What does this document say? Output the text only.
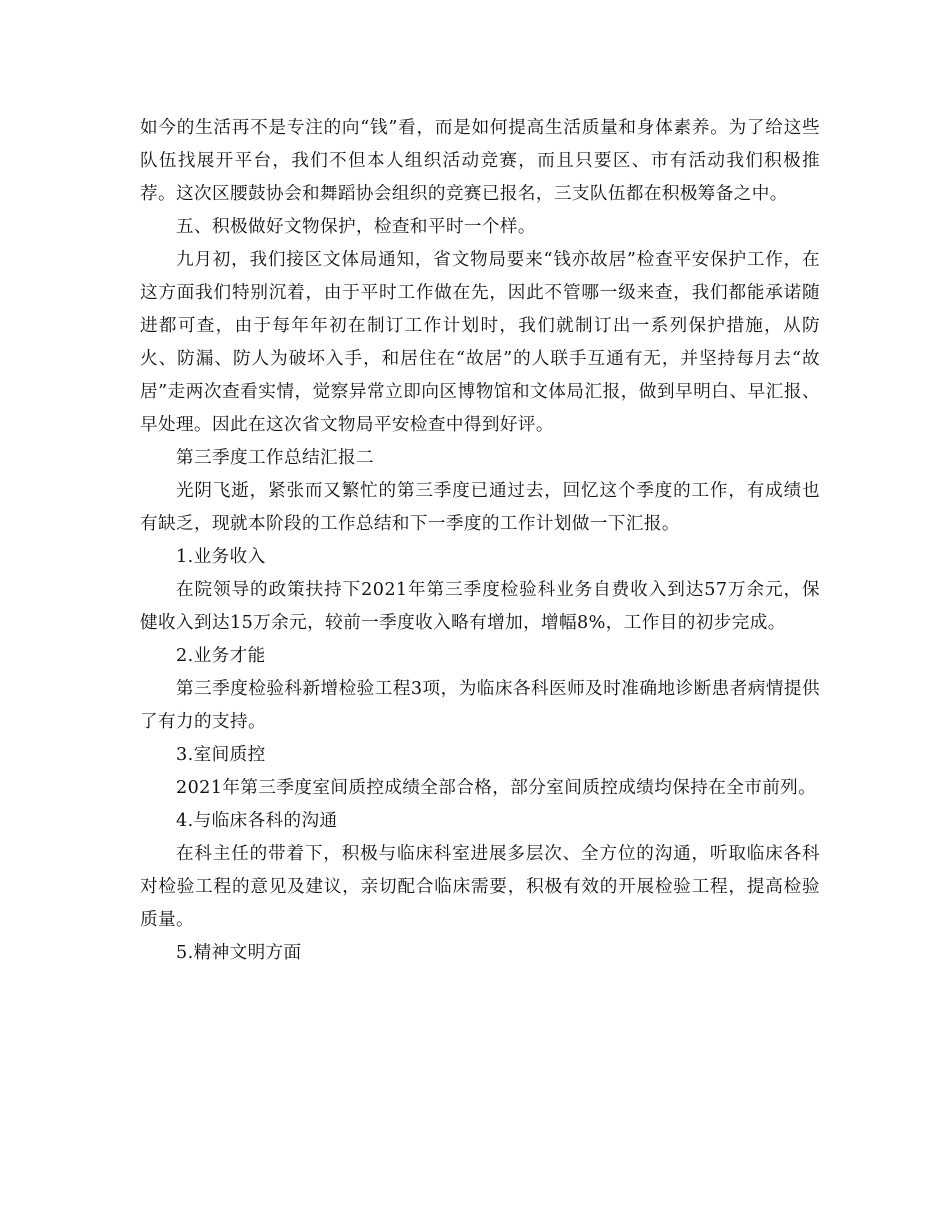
如今的生活再不是专注的向“钱”看，而是如何提高生活质量和身体素养。为了给这些队伍找展开平台，我们不但本人组织活动竞赛，而且只要区、市有活动我们积极推荐。这次区腰鼓协会和舞蹈协会组织的竞赛已报名，三支队伍都在积极筹备之中。

五、积极做好文物保护，检查和平时一个样。

九月初，我们接区文体局通知，省文物局要来“钱亦故居”检查平安保护工作，在这方面我们特别沉着，由于平时工作做在先，因此不管哪一级来查，我们都能承诺随进都可查，由于每年年初在制订工作计划时，我们就制订出一系列保护措施，从防火、防漏、防人为破坏入手，和居住在“故居”的人联手互通有无，并坚持每月去“故居”走两次查看实情，觉察异常立即向区博物馆和文体局汇报，做到早明白、早汇报、早处理。因此在这次省文物局平安检查中得到好评。

第三季度工作总结汇报二

光阴飞逝，紧张而又繁忙的第三季度已通过去，回忆这个季度的工作，有成绩也有缺乏，现就本阶段的工作总结和下一季度的工作计划做一下汇报。

1.业务收入

在院领导的政策扶持下2021年第三季度检验科业务自费收入到达57万余元，保健收入到达15万余元，较前一季度收入略有增加，增幅8%，工作目的初步完成。

2.业务才能

第三季度检验科新增检验工程3项，为临床各科医师及时准确地诊断患者病情提供了有力的支持。

3.室间质控

2021年第三季度室间质控成绩全部合格，部分室间质控成绩均保持在全市前列。

4.与临床各科的沟通

在科主任的带着下，积极与临床科室进展多层次、全方位的沟通，听取临床各科对检验工程的意见及建议，亲切配合临床需要，积极有效的开展检验工程，提高检验质量。

5.精神文明方面
